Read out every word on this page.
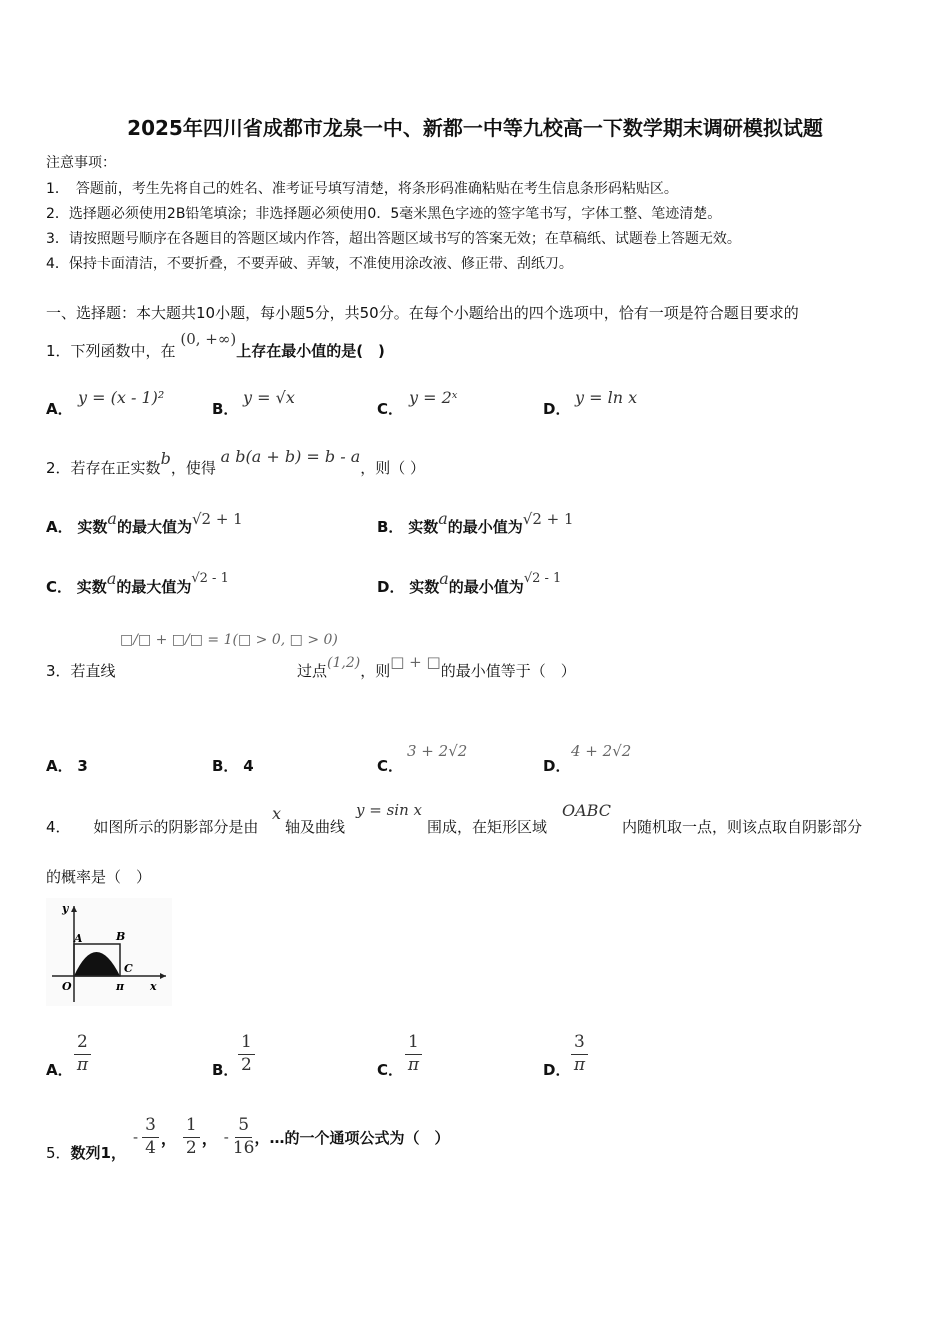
2025年四川省成都市龙泉一中、新都一中等九校高一下数学期末调研模拟试题
注意事项：
1．　答题前，考生先将自己的姓名、准考证号填写清楚，将条形码准确粘贴在考生信息条形码粘贴区。
2．选择题必须使用2B铅笔填涂；非选择题必须使用0．5毫米黑色字迹的签字笔书写，字体工整、笔迹清楚。
3．请按照题号顺序在各题目的答题区域内作答，超出答题区域书写的答案无效；在草稿纸、试题卷上答题无效。
4．保持卡面清洁，不要折叠，不要弄破、弄皱，不准使用涂改液、修正带、刮纸刀。
一、选择题：本大题共10小题，每小题5分，共50分。在每个小题给出的四个选项中，恰有一项是符合题目要求的
1．下列函数中，在 (0, +∞)上存在最小值的是(　)
A．
y = (x - 1)²
B．
y = √x
C．
y = 2ˣ
D．
y = ln x
2．若存在正实数b，使得 a b(a + b) = b - a，则（ ）
A． 实数a的最大值为√2 + 1	B． 实数a的最小值为√2 + 1
C． 实数a的最大值为√2 - 1	D． 实数a的最小值为√2 - 1
□/□ + □/□ = 1(□ > 0, □ > 0)
3．若直线	过点(1,2)，则□ + □的最小值等于（　）
A． 3	B． 4	C．
3 + 2√2
D．
4 + 2√2
4． 如图所示的阴影部分是由
x
轴及曲线
y = sin x
围成，在矩形区域
OABC
内随机取一点，则该点取自阴影部分
的概率是（　）
y
A	B
O
C
π x
A． $\frac{2}{\pi}$	B． $\frac{1}{2}$	C． $\frac{1}{\pi}$	D． $\frac{3}{\pi}$
5．数列1，
- $\frac{3}{4}$ ， $\frac{1}{2}$ ， - $\frac{5}{16}$ ，…的一个通项公式为（　）
